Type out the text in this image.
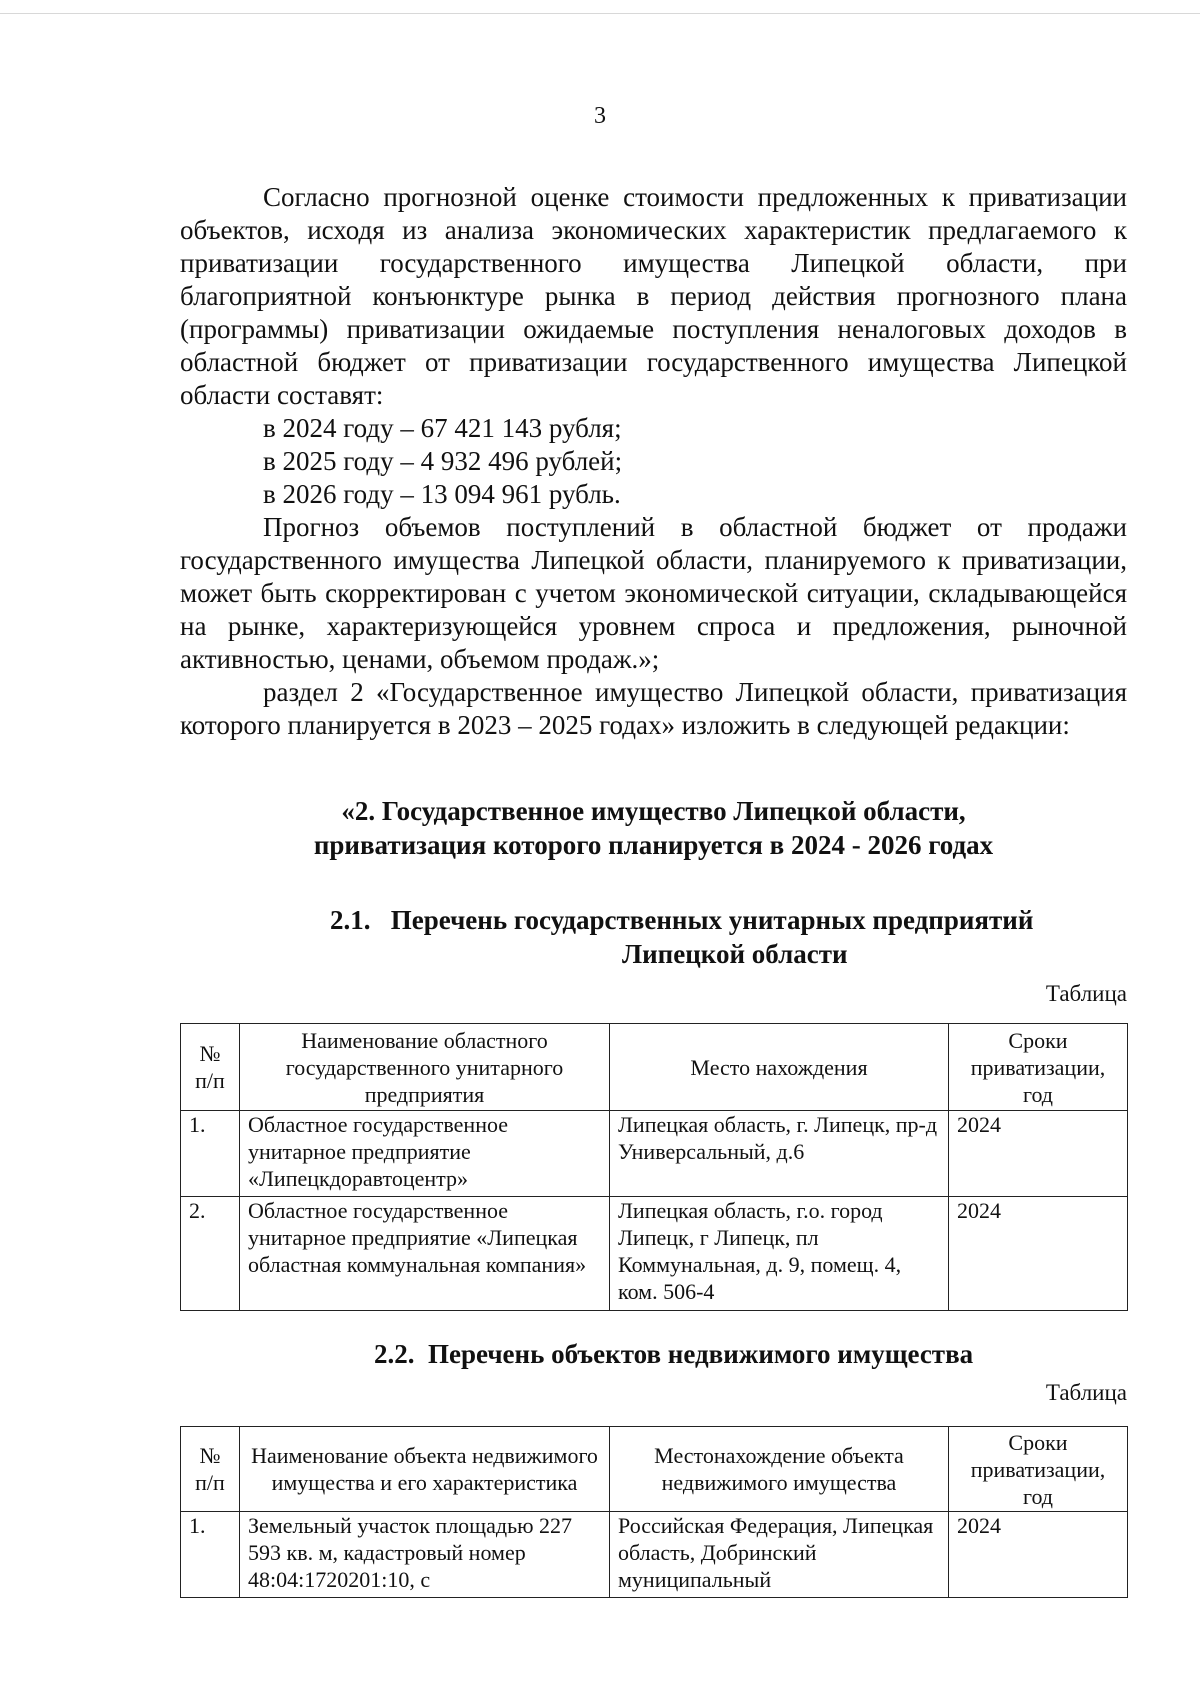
3

Согласно прогнозной оценке стоимости предложенных к приватизации объектов, исходя из анализа экономических характеристик предлагаемого к приватизации государственного имущества Липецкой области, при благоприятной конъюнктуре рынка в период действия прогнозного плана (программы) приватизации ожидаемые поступления неналоговых доходов в областной бюджет от приватизации государственного имущества Липецкой области составят:

в 2024 году – 67 421 143 рубля;

в 2025 году – 4 932 496 рублей;

в 2026 году – 13 094 961 рубль.

Прогноз объемов поступлений в областной бюджет от продажи государственного имущества Липецкой области, планируемого к приватизации, может быть скорректирован с учетом экономической ситуации, складывающейся на рынке, характеризующейся уровнем спроса и предложения, рыночной активностью, ценами, объемом продаж.»;

раздел 2 «Государственное имущество Липецкой области, приватизация которого планируется в 2023 – 2025 годах» изложить в следующей редакции:

«2. Государственное имущество Липецкой области,
приватизация которого планируется в 2024 - 2026 годах
2.1.   Перечень государственных унитарных предприятий
Липецкой области
Таблица
№ п/п	Наименование областного государственного унитарного предприятия	Место нахождения	Сроки приватизации, год
1.	Областное государственное унитарное предприятие «Липецкдоравтоцентр»	Липецкая область, г. Липецк, пр-д Универсальный, д.6	2024
2.	Областное государственное унитарное предприятие «Липецкая областная коммунальная компания»	Липецкая область, г.о. город Липецк, г Липецк, пл Коммунальная, д. 9, помещ. 4, ком. 506-4	2024
2.2.  Перечень объектов недвижимого имущества
Таблица
№ п/п	Наименование объекта недвижимого имущества и его характеристика	Местонахождение объекта недвижимого имущества	Сроки приватизации, год
1.	Земельный участок площадью 227 593 кв. м, кадастровый номер 48:04:1720201:10, с	Российская Федерация, Липецкая область, Добринский муниципальный	2024
